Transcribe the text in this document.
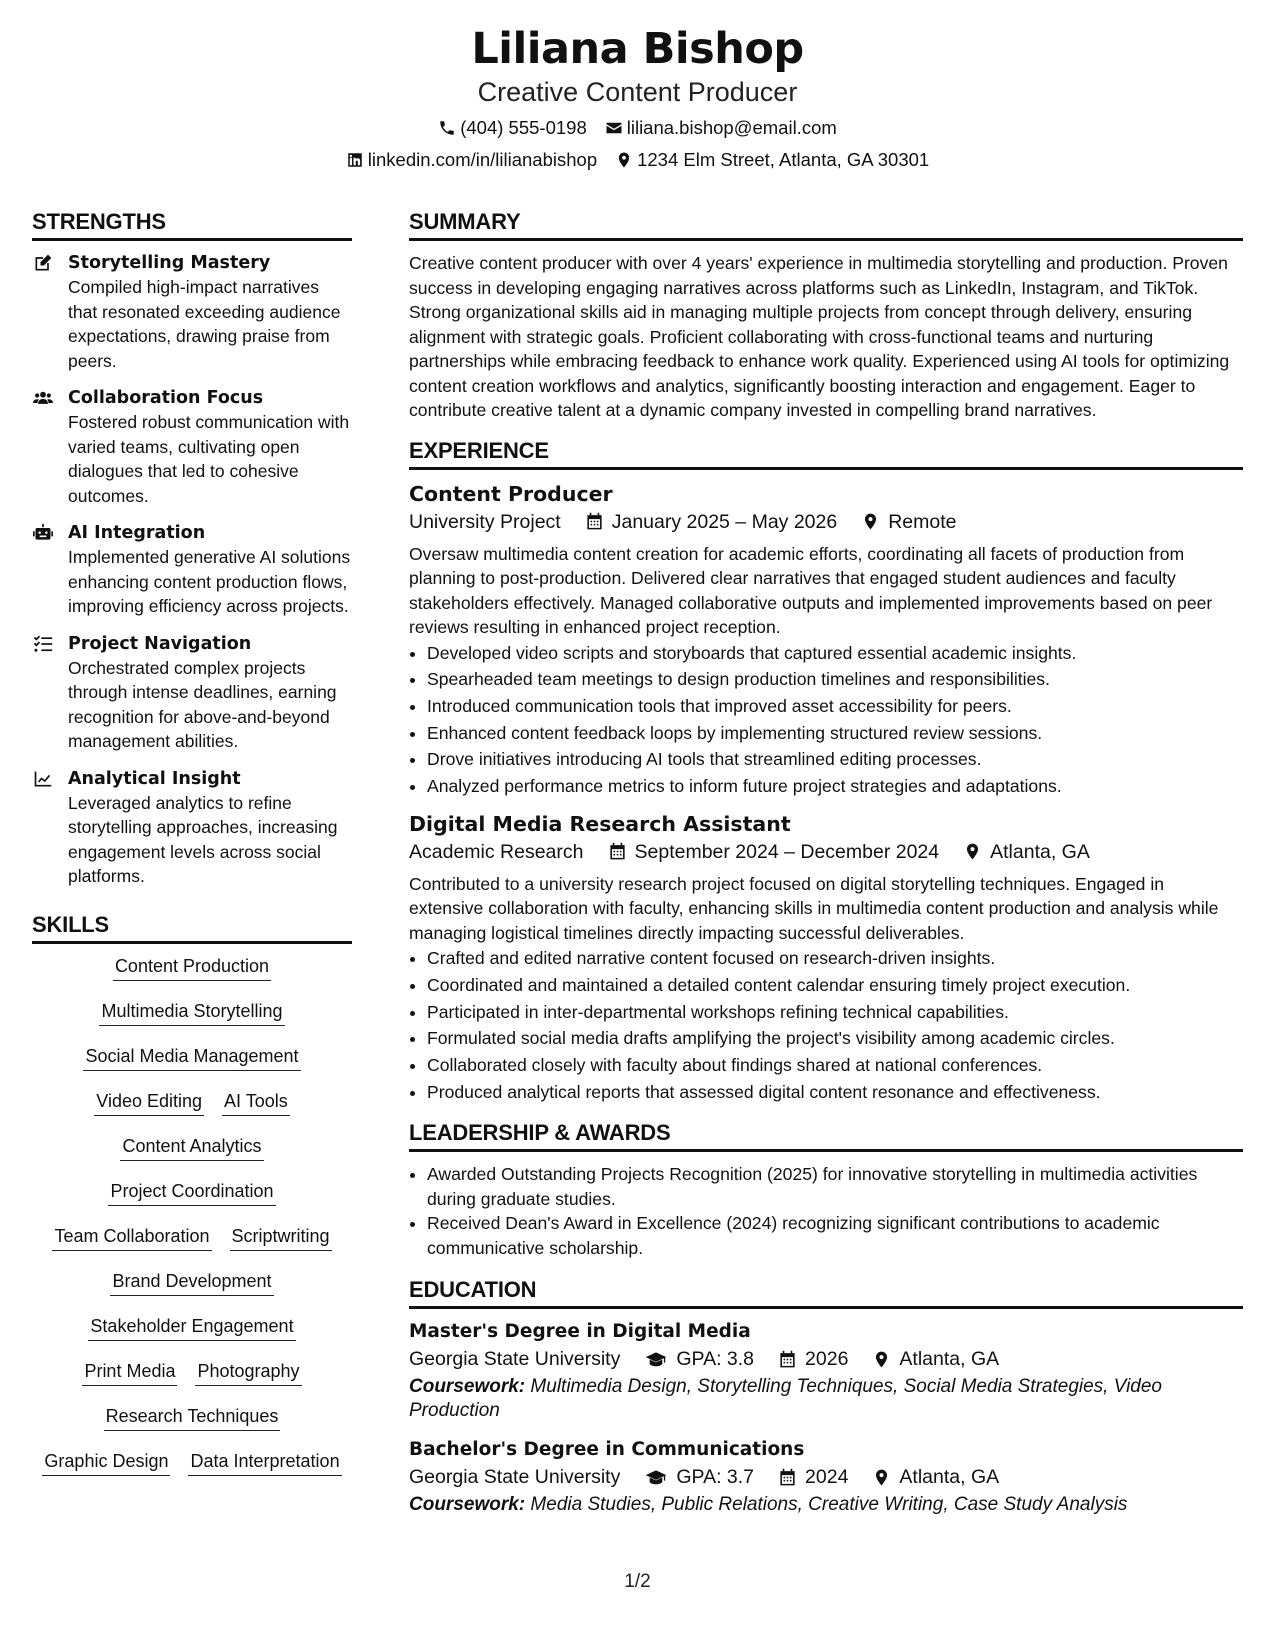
Liliana Bishop
Creative Content Producer
(404) 555-0198 liliana.bishop@email.com
linkedin.com/in/lilianabishop 1234 Elm Street, Atlanta, GA 30301
STRENGTHS
Storytelling Mastery
Compiled high-impact narratives that resonated exceeding audience expectations, drawing praise from peers.
Collaboration Focus
Fostered robust communication with varied teams, cultivating open dialogues that led to cohesive outcomes.
AI Integration
Implemented generative AI solutions enhancing content production flows, improving efficiency across projects.
Project Navigation
Orchestrated complex projects through intense deadlines, earning recognition for above-and-beyond management abilities.
Analytical Insight
Leveraged analytics to refine storytelling approaches, increasing engagement levels across social platforms.
SKILLS
Content Production
Multimedia Storytelling
Social Media Management
Video Editing AI Tools
Content Analytics
Project Coordination
Team Collaboration Scriptwriting
Brand Development
Stakeholder Engagement
Print Media Photography
Research Techniques
Graphic Design Data Interpretation
SUMMARY
Creative content producer with over 4 years' experience in multimedia storytelling and production. Proven success in developing engaging narratives across platforms such as LinkedIn, Instagram, and TikTok. Strong organizational skills aid in managing multiple projects from concept through delivery, ensuring alignment with strategic goals. Proficient collaborating with cross-functional teams and nurturing partnerships while embracing feedback to enhance work quality. Experienced using AI tools for optimizing content creation workflows and analytics, significantly boosting interaction and engagement. Eager to contribute creative talent at a dynamic company invested in compelling brand narratives.
EXPERIENCE
Content Producer
University Project	January 2025 – May 2026	Remote
Oversaw multimedia content creation for academic efforts, coordinating all facets of production from planning to post-production. Delivered clear narratives that engaged student audiences and faculty stakeholders effectively. Managed collaborative outputs and implemented improvements based on peer reviews resulting in enhanced project reception.
• Developed video scripts and storyboards that captured essential academic insights.
• Spearheaded team meetings to design production timelines and responsibilities.
• Introduced communication tools that improved asset accessibility for peers.
• Enhanced content feedback loops by implementing structured review sessions.
• Drove initiatives introducing AI tools that streamlined editing processes.
• Analyzed performance metrics to inform future project strategies and adaptations.
Digital Media Research Assistant
Academic Research	September 2024 – December 2024	Atlanta, GA
Contributed to a university research project focused on digital storytelling techniques. Engaged in extensive collaboration with faculty, enhancing skills in multimedia content production and analysis while managing logistical timelines directly impacting successful deliverables.
• Crafted and edited narrative content focused on research-driven insights.
• Coordinated and maintained a detailed content calendar ensuring timely project execution.
• Participated in inter-departmental workshops refining technical capabilities.
• Formulated social media drafts amplifying the project's visibility among academic circles.
• Collaborated closely with faculty about findings shared at national conferences.
• Produced analytical reports that assessed digital content resonance and effectiveness.
LEADERSHIP & AWARDS
• Awarded Outstanding Projects Recognition (2025) for innovative storytelling in multimedia activities during graduate studies.
• Received Dean's Award in Excellence (2024) recognizing significant contributions to academic communicative scholarship.
EDUCATION
Master's Degree in Digital Media
Georgia State University	GPA: 3.8	2026	Atlanta, GA
Coursework: Multimedia Design, Storytelling Techniques, Social Media Strategies, Video Production
Bachelor's Degree in Communications
Georgia State University	GPA: 3.7	2024	Atlanta, GA
Coursework: Media Studies, Public Relations, Creative Writing, Case Study Analysis
1/2
